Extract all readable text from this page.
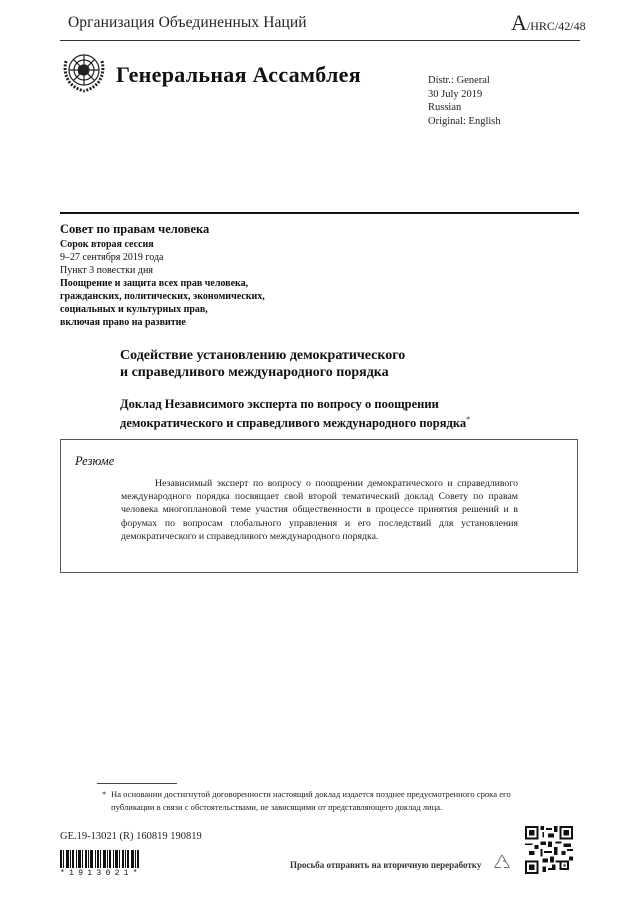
Организация Объединенных Наций	A/HRC/42/48
Генеральная Ассамблея	Distr.: General
30 July 2019
Russian
Original: English
Совет по правам человека
Сорок вторая сессия
9–27 сентября 2019 года
Пункт 3 повестки дня
Поощрение и защита всех прав человека,
гражданских, политических, экономических,
социальных и культурных прав,
включая право на развитие
Содействие установлению демократического
и справедливого международного порядка
Доклад Независимого эксперта по вопросу о поощрении
демократического и справедливого международного порядка*
Резюме
Независимый эксперт по вопросу о поощрении демократического и справедливого международного порядка посвящает свой второй тематический доклад Совету по правам человека многоплановой теме участия общественности в процессе принятия решений и в форумах по вопросам глобального управления и его последствий для установления демократического и справедливого международного порядка.
* На основании достигнутой договоренности настоящий доклад издается позднее предусмотренного срока его публикации в связи с обстоятельствами, не зависящими от представляющего доклад лица.
GE.19-13021 (R) 160819 190819
*1913021*
Просьба отправить на вторичную переработку
